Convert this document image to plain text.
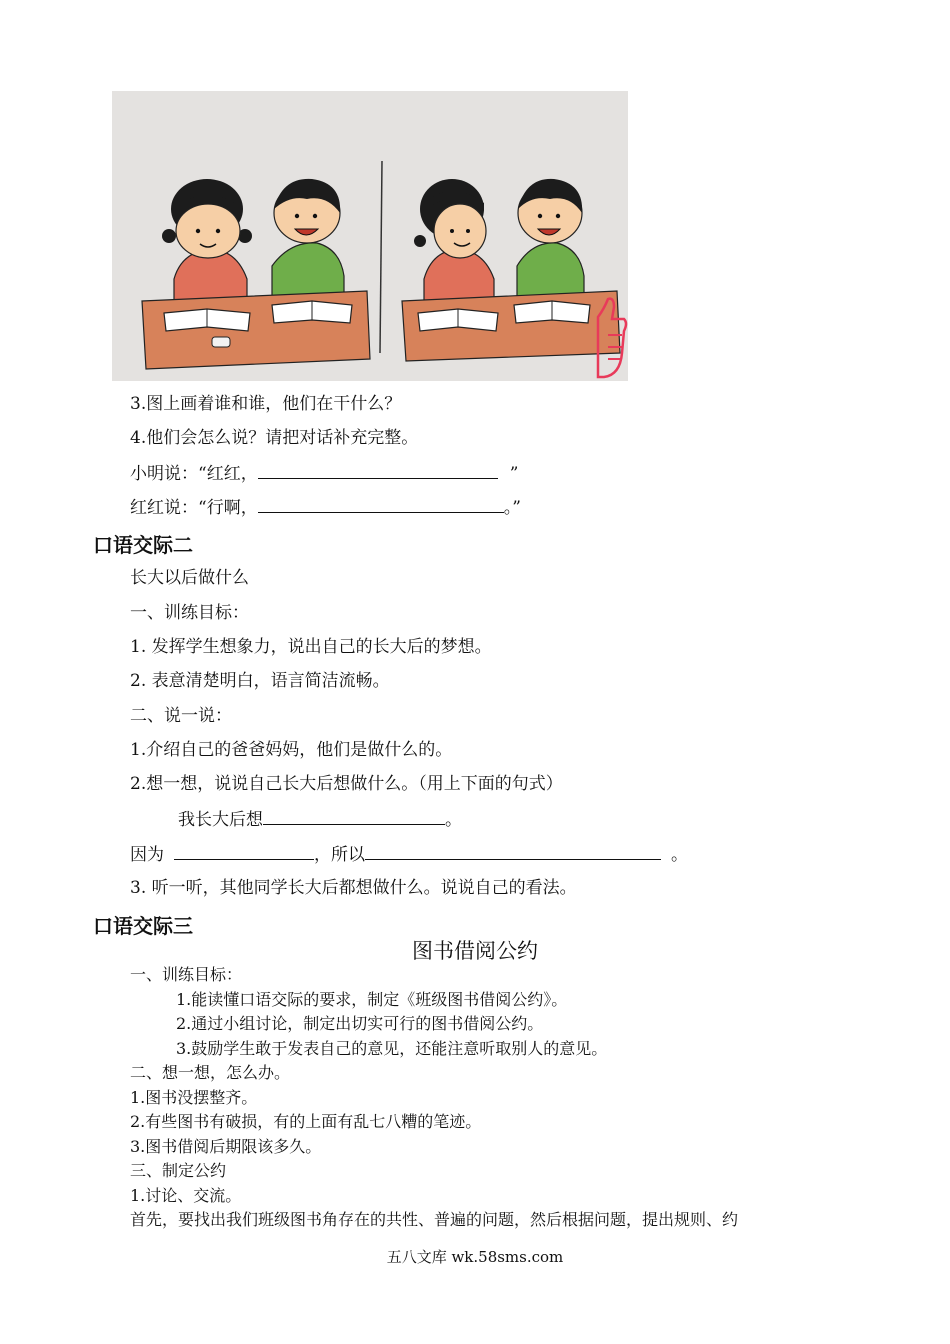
3.图上画着谁和谁，他们在干什么？
4.他们会怎么说？请把对话补充完整。
小明说：“红红，	”
红红说：“行啊，	。”
口语交际二
长大以后做什么
一、训练目标：
1. 发挥学生想象力，说出自己的长大后的梦想。
2. 表意清楚明白，语言简洁流畅。
二、说一说：
1.介绍自己的爸爸妈妈，他们是做什么的。
2.想一想，说说自己长大后想做什么。（用上下面的句式）
我长大后想	。
因为	，所以	。
3. 听一听，其他同学长大后都想做什么。说说自己的看法。
口语交际三
图书借阅公约
一、训练目标：
1.能读懂口语交际的要求，制定《班级图书借阅公约》。
2.通过小组讨论，制定出切实可行的图书借阅公约。
3.鼓励学生敢于发表自己的意见，还能注意听取别人的意见。
二、想一想，怎么办。
1.图书没摆整齐。
2.有些图书有破损，有的上面有乱七八糟的笔迹。
3.图书借阅后期限该多久。
三、制定公约
1.讨论、交流。
首先，要找出我们班级图书角存在的共性、普遍的问题，然后根据问题，提出规则、约
五八文库 wk.58sms.com
